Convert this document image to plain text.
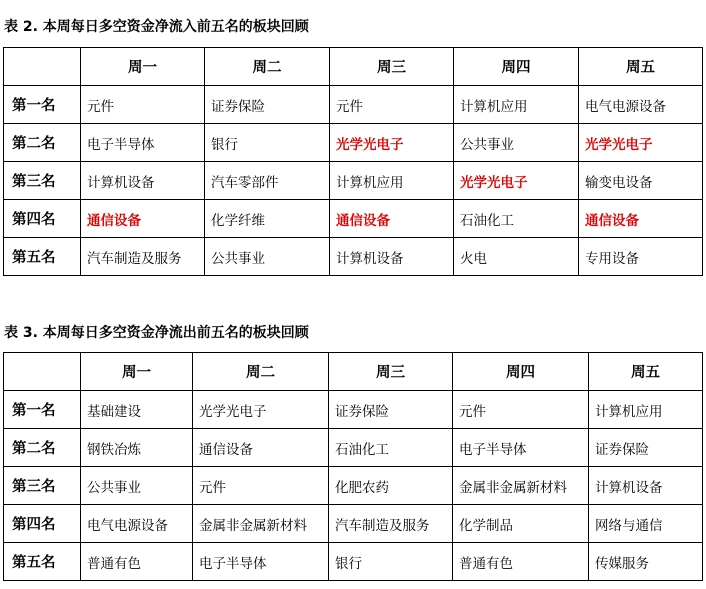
表 2. 本周每日多空资金净流入前五名的板块回顾
	周一	周二	周三	周四	周五
第一名	元件	证券保险	元件	计算机应用	电气电源设备
第二名	电子半导体	银行	光学光电子	公共事业	光学光电子
第三名	计算机设备	汽车零部件	计算机应用	光学光电子	输变电设备
第四名	通信设备	化学纤维	通信设备	石油化工	通信设备
第五名	汽车制造及服务	公共事业	计算机设备	火电	专用设备
表 3. 本周每日多空资金净流出前五名的板块回顾
	周一	周二	周三	周四	周五
第一名	基础建设	光学光电子	证券保险	元件	计算机应用
第二名	钢铁冶炼	通信设备	石油化工	电子半导体	证券保险
第三名	公共事业	元件	化肥农药	金属非金属新材料	计算机设备
第四名	电气电源设备	金属非金属新材料	汽车制造及服务	化学制品	网络与通信
第五名	普通有色	电子半导体	银行	普通有色	传媒服务
